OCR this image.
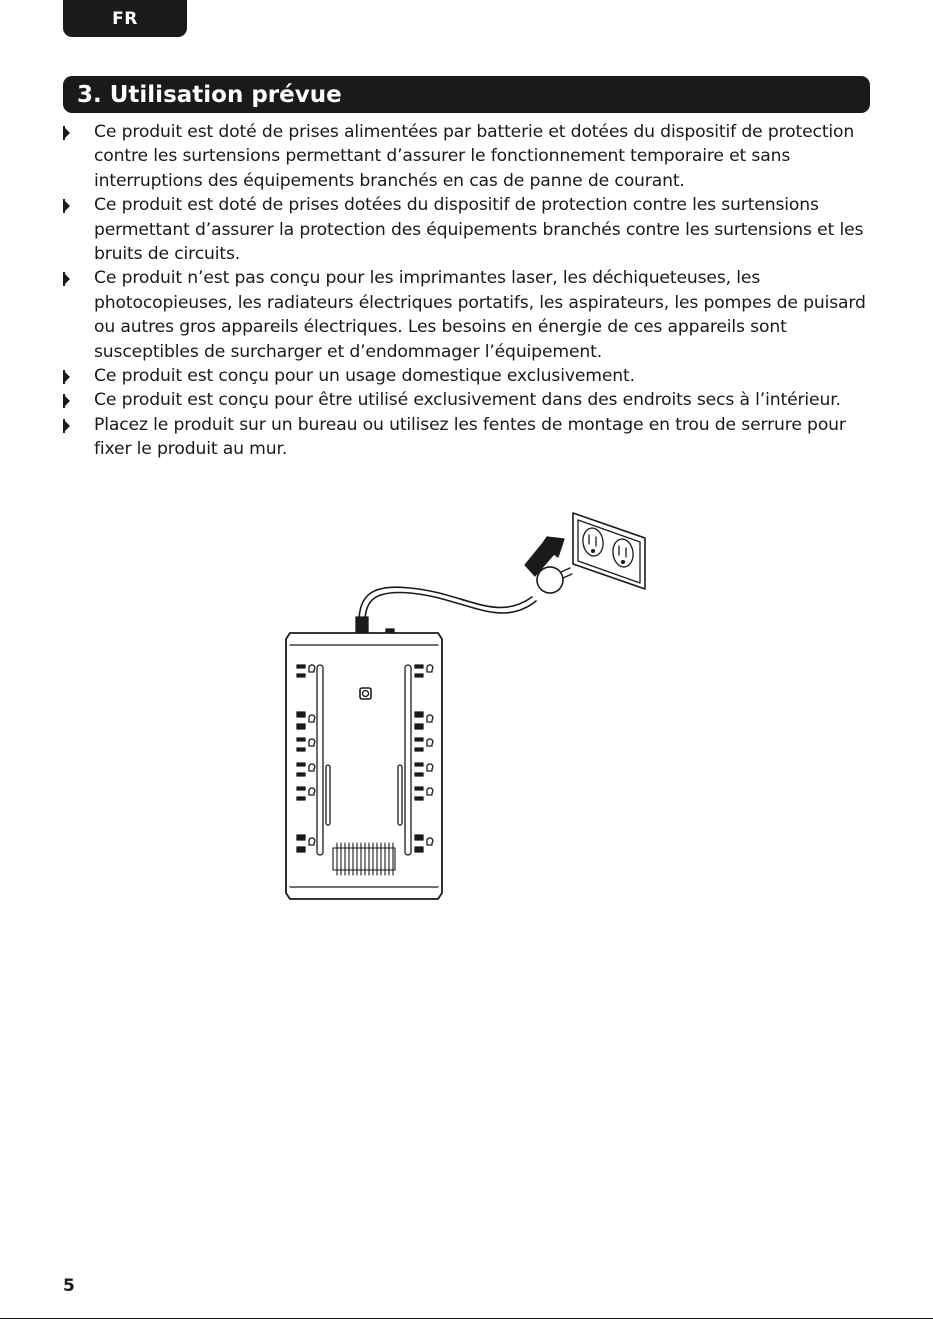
FR
3. Utilisation prévue
Ce produit est doté de prises alimentées par batterie et dotées du dispositif de protection contre les surtensions permettant d’assurer le fonctionnement temporaire et sans interruptions des équipements branchés en cas de panne de courant.
Ce produit est doté de prises dotées du dispositif de protection contre les surtensions permettant d’assurer la protection des équipements branchés contre les surtensions et les bruits de circuits.
Ce produit n’est pas conçu pour les imprimantes laser, les déchiqueteuses, les photocopieuses, les radiateurs électriques portatifs, les aspirateurs, les pompes de puisard ou autres gros appareils électriques. Les besoins en énergie de ces appareils sont susceptibles de surcharger et d’endommager l’équipement.
Ce produit est conçu pour un usage domestique exclusivement.
Ce produit est conçu pour être utilisé exclusivement dans des endroits secs à l’intérieur.
Placez le produit sur un bureau ou utilisez les fentes de montage en trou de serrure pour fixer le produit au mur.
5
